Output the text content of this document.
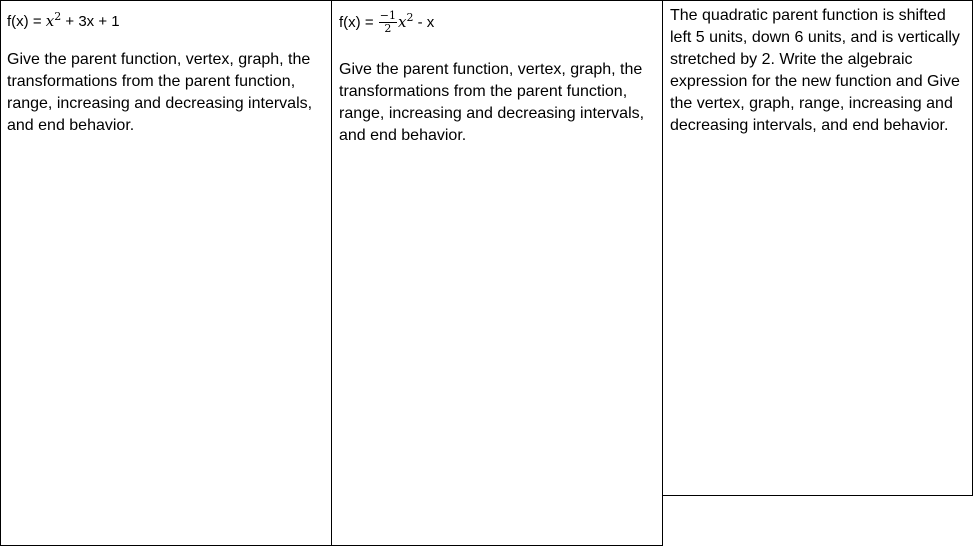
$f(x) = x^2 + 3x + 1$

Give the parent function, vertex, graph, the transformations from the parent function, range, increasing and decreasing intervals, and end behavior.

$f(x) = \frac{-1}{2} x^2 - x$

Give the parent function, vertex, graph, the transformations from the parent function, range, increasing and decreasing intervals, and end behavior.

The quadratic parent function is shifted left 5 units, down 6 units, and is vertically stretched by 2. Write the algebraic expression for the new function and Give the vertex, graph, range, increasing and decreasing intervals, and end behavior.
